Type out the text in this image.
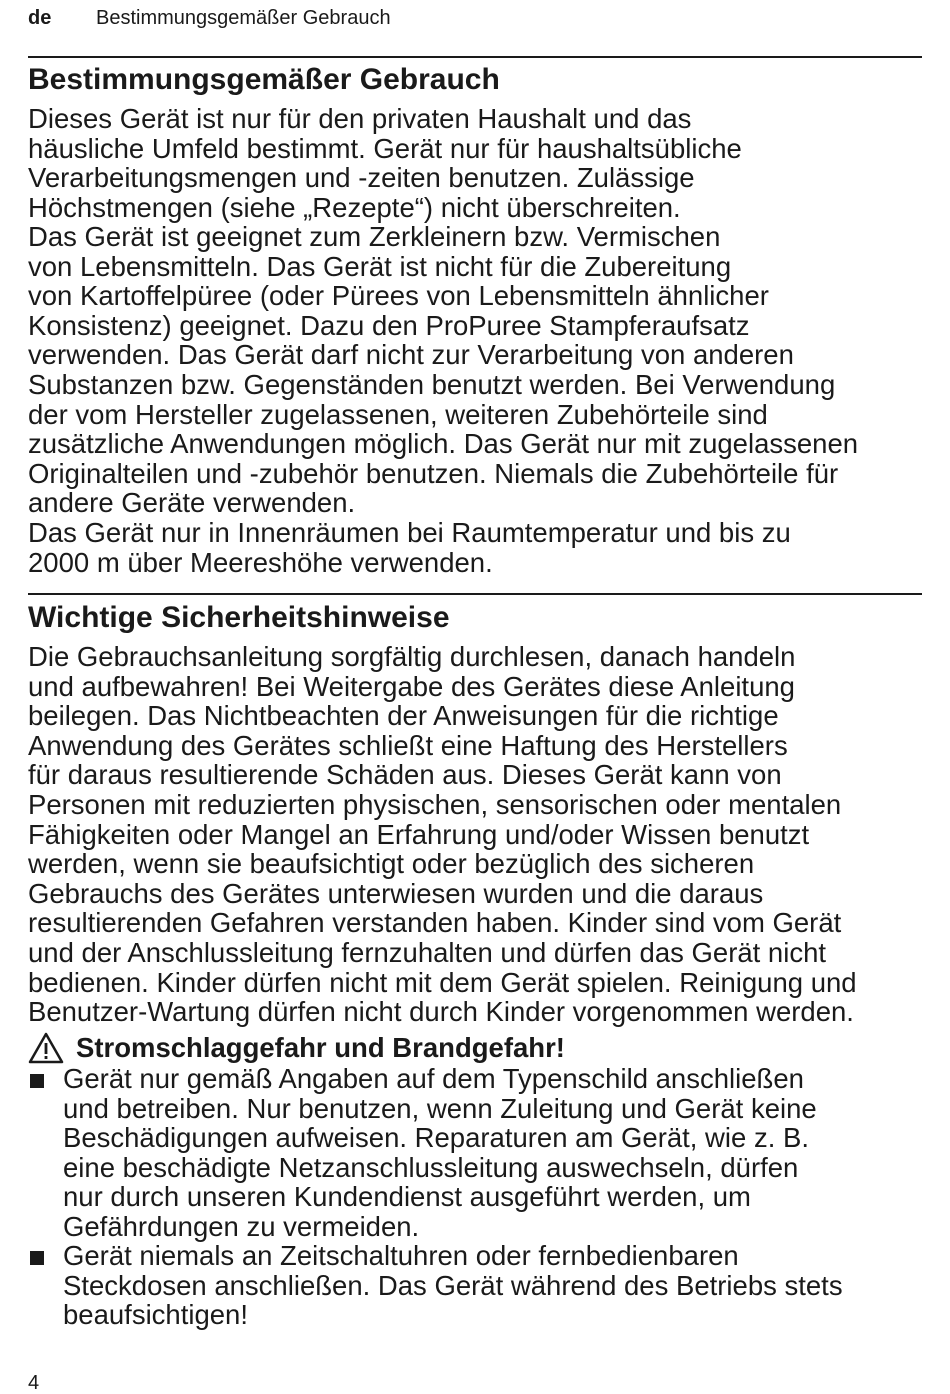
de Bestimmungsgemäßer Gebrauch
Bestimmungsgemäßer Gebrauch

Dieses Gerät ist nur für den privaten Haushalt und das
häusliche Umfeld bestimmt. Gerät nur für haushaltsübliche
Verarbeitungsmengen und -zeiten benutzen. Zulässige
Höchstmengen (siehe „Rezepte“) nicht überschreiten.

Das Gerät ist geeignet zum Zerkleinern bzw. Vermischen
von Lebensmitteln. Das Gerät ist nicht für die Zubereitung
von Kartoffelpüree (oder Pürees von Lebensmitteln ähnlicher
Konsistenz) geeignet. Dazu den ProPuree Stampferaufsatz
verwenden. Das Gerät darf nicht zur Verarbeitung von anderen
Substanzen bzw. Gegenständen benutzt werden. Bei Verwendung
der vom Hersteller zugelassenen, weiteren Zubehörteile sind
zusätzliche Anwendungen möglich. Das Gerät nur mit zugelassenen
Originalteilen und -zubehör benutzen. Niemals die Zubehörteile für
andere Geräte verwenden.

Das Gerät nur in Innenräumen bei Raumtemperatur und bis zu
2000 m über Meereshöhe verwenden.

Wichtige Sicherheitshinweise

Die Gebrauchsanleitung sorgfältig durchlesen, danach handeln
und aufbewahren! Bei Weitergabe des Gerätes diese Anleitung
beilegen. Das Nichtbeachten der Anweisungen für die richtige
Anwendung des Gerätes schließt eine Haftung des Herstellers
für daraus resultierende Schäden aus. Dieses Gerät kann von
Personen mit reduzierten physischen, sensorischen oder mentalen
Fähigkeiten oder Mangel an Erfahrung und/oder Wissen benutzt
werden, wenn sie beaufsichtigt oder bezüglich des sicheren
Gebrauchs des Gerätes unterwiesen wurden und die daraus
resultierenden Gefahren verstanden haben. Kinder sind vom Gerät
und der Anschlussleitung fernzuhalten und dürfen das Gerät nicht
bedienen. Kinder dürfen nicht mit dem Gerät spielen. Reinigung und
Benutzer-Wartung dürfen nicht durch Kinder vorgenommen werden.

Stromschlaggefahr und Brandgefahr!
Gerät nur gemäß Angaben auf dem Typenschild anschließen
und betreiben. Nur benutzen, wenn Zuleitung und Gerät keine
Beschädigungen aufweisen. Reparaturen am Gerät, wie z. B.
eine beschädigte Netzanschlussleitung auswechseln, dürfen
nur durch unseren Kundendienst ausgeführt werden, um
Gefährdungen zu vermeiden.
Gerät niemals an Zeitschaltuhren oder fernbedienbaren
Steckdosen anschließen. Das Gerät während des Betriebs stets
beaufsichtigen!
4
